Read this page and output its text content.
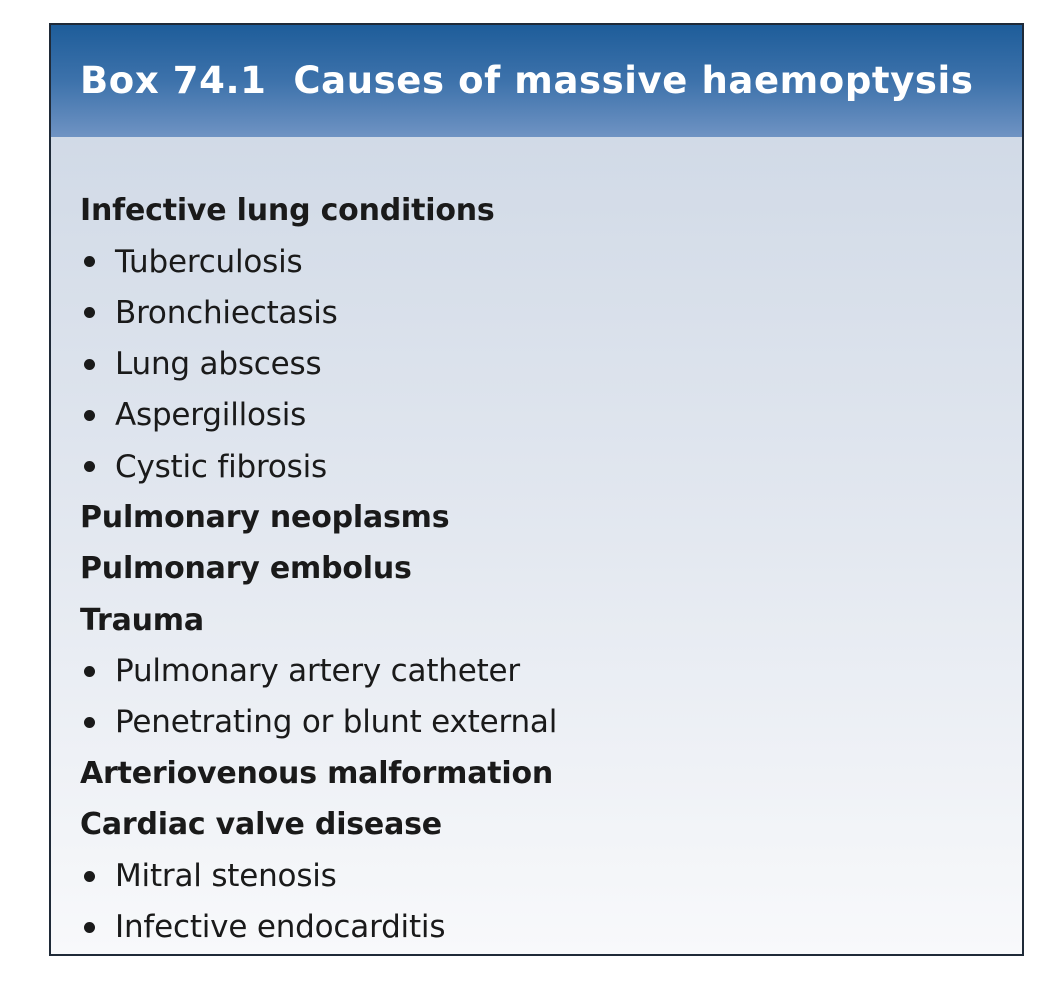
Box 74.1  Causes of massive haemoptysis
Infective lung conditions
Tuberculosis
Bronchiectasis
Lung abscess
Aspergillosis
Cystic fibrosis
Pulmonary neoplasms
Pulmonary embolus
Trauma
Pulmonary artery catheter
Penetrating or blunt external
Arteriovenous malformation
Cardiac valve disease
Mitral stenosis
Infective endocarditis
